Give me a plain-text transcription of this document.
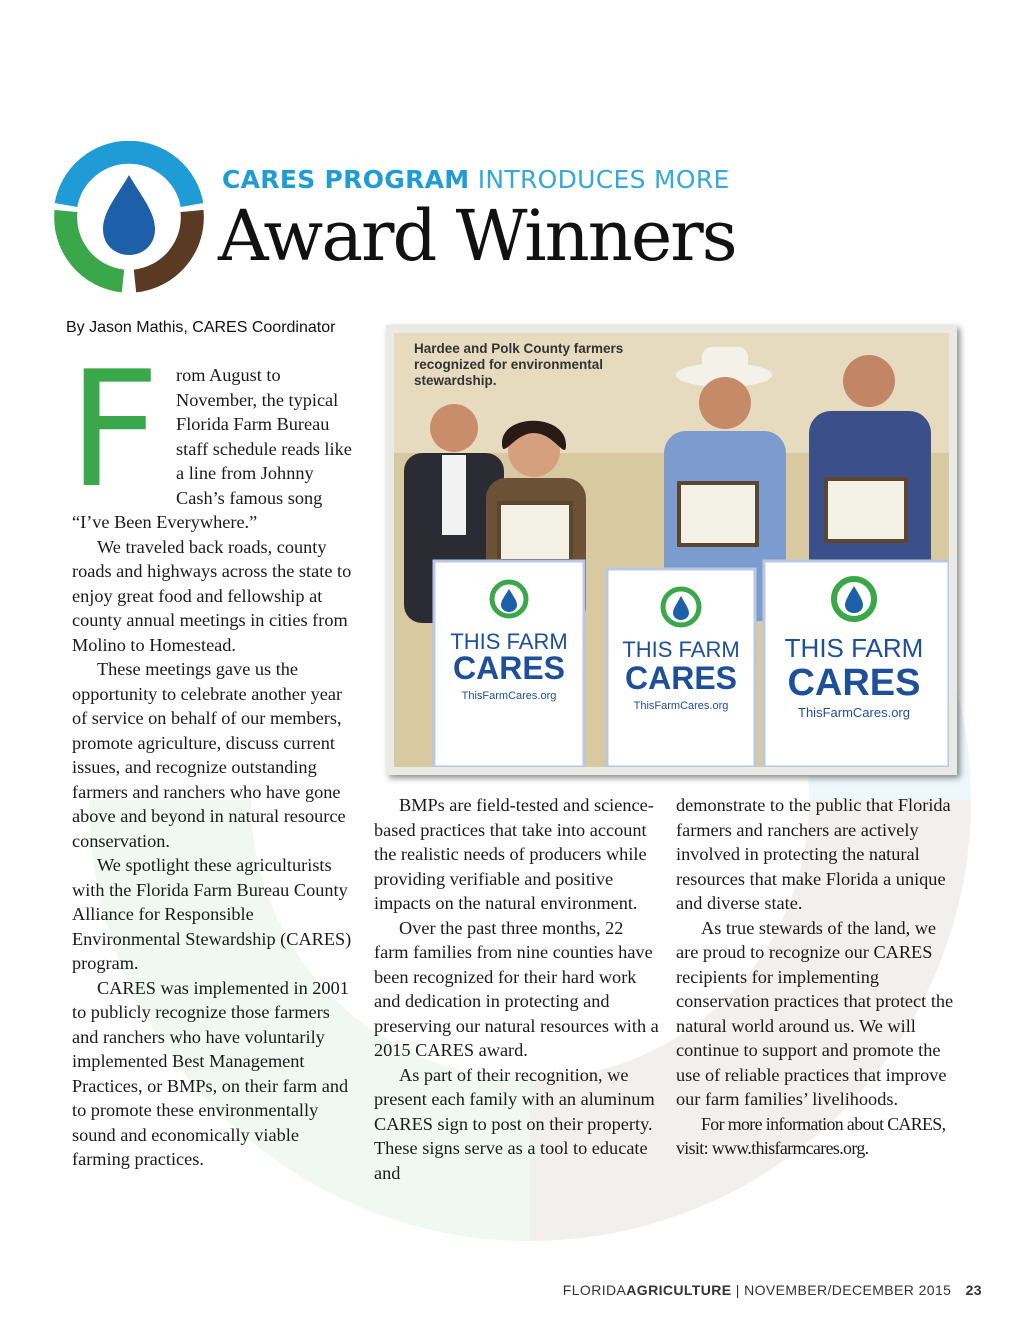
CARES PROGRAM INTRODUCES MORE
Award Winners

By Jason Mathis, CARES Coordinator

THIS FARM
CARES
ThisFarmCares.org
THIS FARM
CARES
ThisFarmCares.org
THIS FARM
CARES
ThisFarmCares.org

Hardee and Polk County farmers recognized for environmental stewardship.

F rom August to November, the typical Florida Farm Bureau staff schedule reads like a line from Johnny Cash’s famous song “I’ve Been Everywhere.”

We traveled back roads, county roads and highways across the state to enjoy great food and fellowship at county annual meetings in cities from Molino to Homestead.

These meetings gave us the opportunity to celebrate another year of service on behalf of our members, promote agriculture, discuss current issues, and recognize outstanding farmers and ranchers who have gone above and beyond in natural resource conservation.

We spotlight these agriculturists with the Florida Farm Bureau County Alliance for Responsible Environmental Stewardship (CARES) program.

CARES was implemented in 2001 to publicly recognize those farmers and ranchers who have voluntarily implemented Best Management Practices, or BMPs, on their farm and to promote these environmentally sound and economically viable farming practices.

BMPs are field-tested and science-based practices that take into account the realistic needs of producers while providing verifiable and positive impacts on the natural environment.

Over the past three months, 22 farm families from nine counties have been recognized for their hard work and dedication in protecting and preserving our natural resources with a 2015 CARES award.

As part of their recognition, we present each family with an aluminum CARES sign to post on their property. These signs serve as a tool to educate and

demonstrate to the public that Florida farmers and ranchers are actively involved in protecting the natural resources that make Florida a unique and diverse state.

As true stewards of the land, we are proud to recognize our CARES recipients for implementing conservation practices that protect the natural world around us. We will continue to support and promote the use of reliable practices that improve our farm families’ livelihoods.

For more information about CARES, visit: www.thisfarmcares.org.

FLORIDAAGRICULTURE | NOVEMBER/DECEMBER 2015 23
